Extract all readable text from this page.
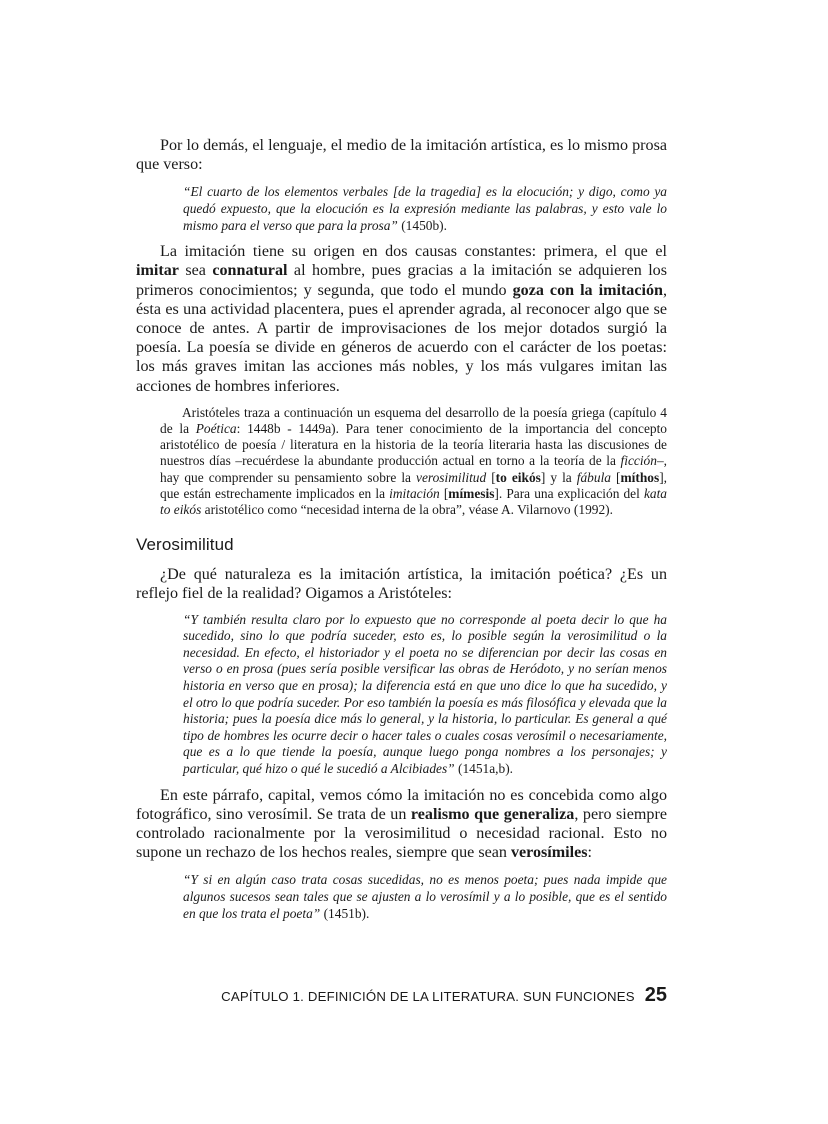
Por lo demás, el lenguaje, el medio de la imitación artística, es lo mismo prosa que verso:

“El cuarto de los elementos verbales [de la tragedia] es la elocución; y digo, como ya quedó expuesto, que la elocución es la expresión mediante las palabras, y esto vale lo mismo para el verso que para la prosa” (1450b).

La imitación tiene su origen en dos causas constantes: primera, el que el imitar sea connatural al hombre, pues gracias a la imitación se adquieren los primeros conocimientos; y segunda, que todo el mundo goza con la imitación, ésta es una actividad placentera, pues el aprender agrada, al reconocer algo que se conoce de antes. A partir de improvisaciones de los mejor dotados surgió la poesía. La poesía se divide en géneros de acuerdo con el carácter de los poetas: los más graves imitan las acciones más nobles, y los más vulgares imitan las acciones de hombres inferiores.

Aristóteles traza a continuación un esquema del desarrollo de la poesía griega (capítulo 4 de la Poética: 1448b - 1449a). Para tener conocimiento de la importancia del concepto aristotélico de poesía / literatura en la historia de la teoría literaria hasta las discusiones de nuestros días –recuérdese la abundante producción actual en torno a la teoría de la ficción–, hay que comprender su pensamiento sobre la verosimilitud [to eikós] y la fábula [míthos], que están estrechamente implicados en la imitación [mímesis]. Para una explicación del kata to eikós aristotélico como “necesidad interna de la obra”, véase A. Vilarnovo (1992).

Verosimilitud

¿De qué naturaleza es la imitación artística, la imitación poética? ¿Es un reflejo fiel de la realidad? Oigamos a Aristóteles:

“Y también resulta claro por lo expuesto que no corresponde al poeta decir lo que ha sucedido, sino lo que podría suceder, esto es, lo posible según la verosimilitud o la necesidad. En efecto, el historiador y el poeta no se diferencian por decir las cosas en verso o en prosa (pues sería posible versificar las obras de Heródoto, y no serían menos historia en verso que en prosa); la diferencia está en que uno dice lo que ha sucedido, y el otro lo que podría suceder. Por eso también la poesía es más filosófica y elevada que la historia; pues la poesía dice más lo general, y la historia, lo particular. Es general a qué tipo de hombres les ocurre decir o hacer tales o cuales cosas verosímil o necesariamente, que es a lo que tiende la poesía, aunque luego ponga nombres a los personajes; y particular, qué hizo o qué le sucedió a Alcibiades” (1451a,b).

En este párrafo, capital, vemos cómo la imitación no es concebida como algo fotográfico, sino verosímil. Se trata de un realismo que generaliza, pero siempre controlado racionalmente por la verosimilitud o necesidad racional. Esto no supone un rechazo de los hechos reales, siempre que sean verosímiles:

“Y si en algún caso trata cosas sucedidas, no es menos poeta; pues nada impide que algunos sucesos sean tales que se ajusten a lo verosímil y a lo posible, que es el sentido en que los trata el poeta” (1451b).

CAPÍTULO 1. DEFINICIÓN DE LA LITERATURA. SUN FUNCIONES 25
